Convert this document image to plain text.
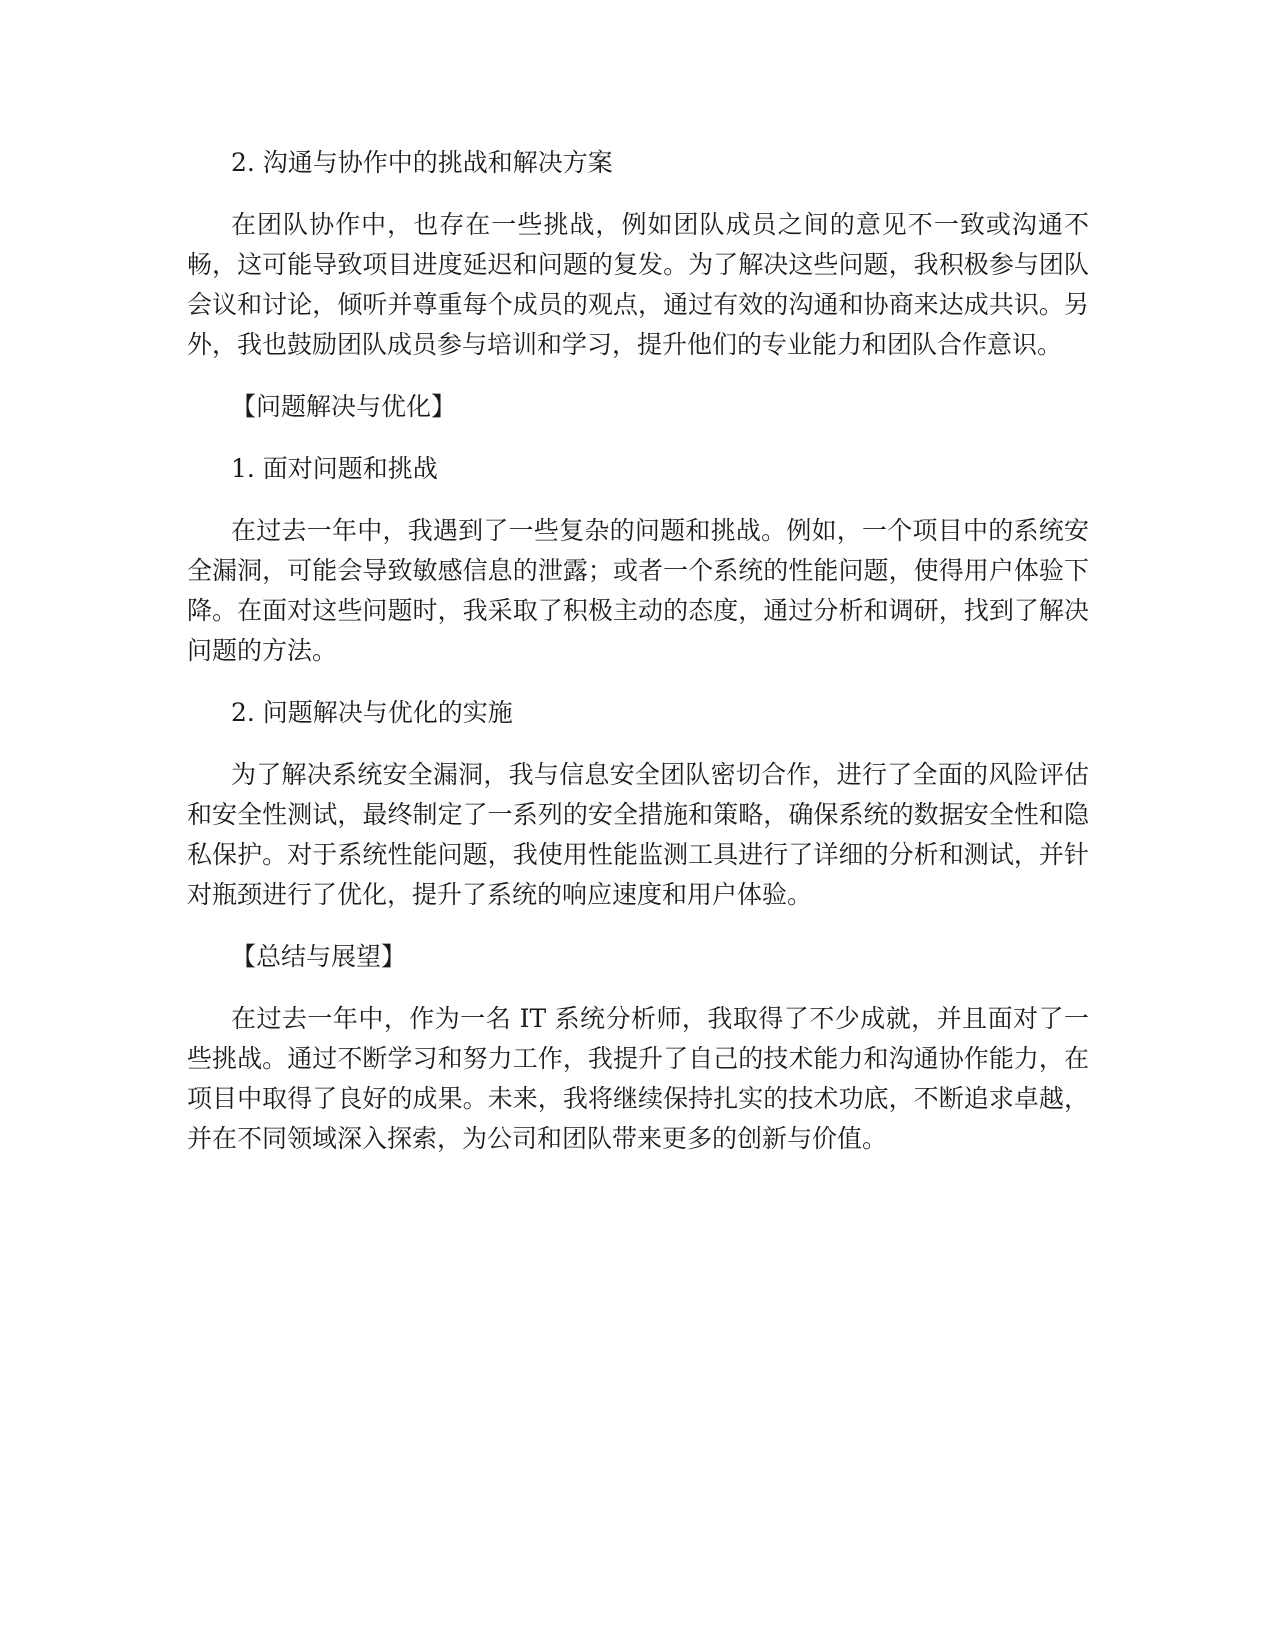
2. 沟通与协作中的挑战和解决方案

在团队协作中，也存在一些挑战，例如团队成员之间的意见不一致或沟通不畅，这可能导致项目进度延迟和问题的复发。为了解决这些问题，我积极参与团队会议和讨论，倾听并尊重每个成员的观点，通过有效的沟通和协商来达成共识。另外，我也鼓励团队成员参与培训和学习，提升他们的专业能力和团队合作意识。

【问题解决与优化】

1. 面对问题和挑战

在过去一年中，我遇到了一些复杂的问题和挑战。例如，一个项目中的系统安全漏洞，可能会导致敏感信息的泄露；或者一个系统的性能问题，使得用户体验下降。在面对这些问题时，我采取了积极主动的态度，通过分析和调研，找到了解决问题的方法。

2. 问题解决与优化的实施

为了解决系统安全漏洞，我与信息安全团队密切合作，进行了全面的风险评估和安全性测试，最终制定了一系列的安全措施和策略，确保系统的数据安全性和隐私保护。对于系统性能问题，我使用性能监测工具进行了详细的分析和测试，并针对瓶颈进行了优化，提升了系统的响应速度和用户体验。

【总结与展望】

在过去一年中，作为一名 IT 系统分析师，我取得了不少成就，并且面对了一些挑战。通过不断学习和努力工作，我提升了自己的技术能力和沟通协作能力，在项目中取得了良好的成果。未来，我将继续保持扎实的技术功底，不断追求卓越，并在不同领域深入探索，为公司和团队带来更多的创新与价值。
